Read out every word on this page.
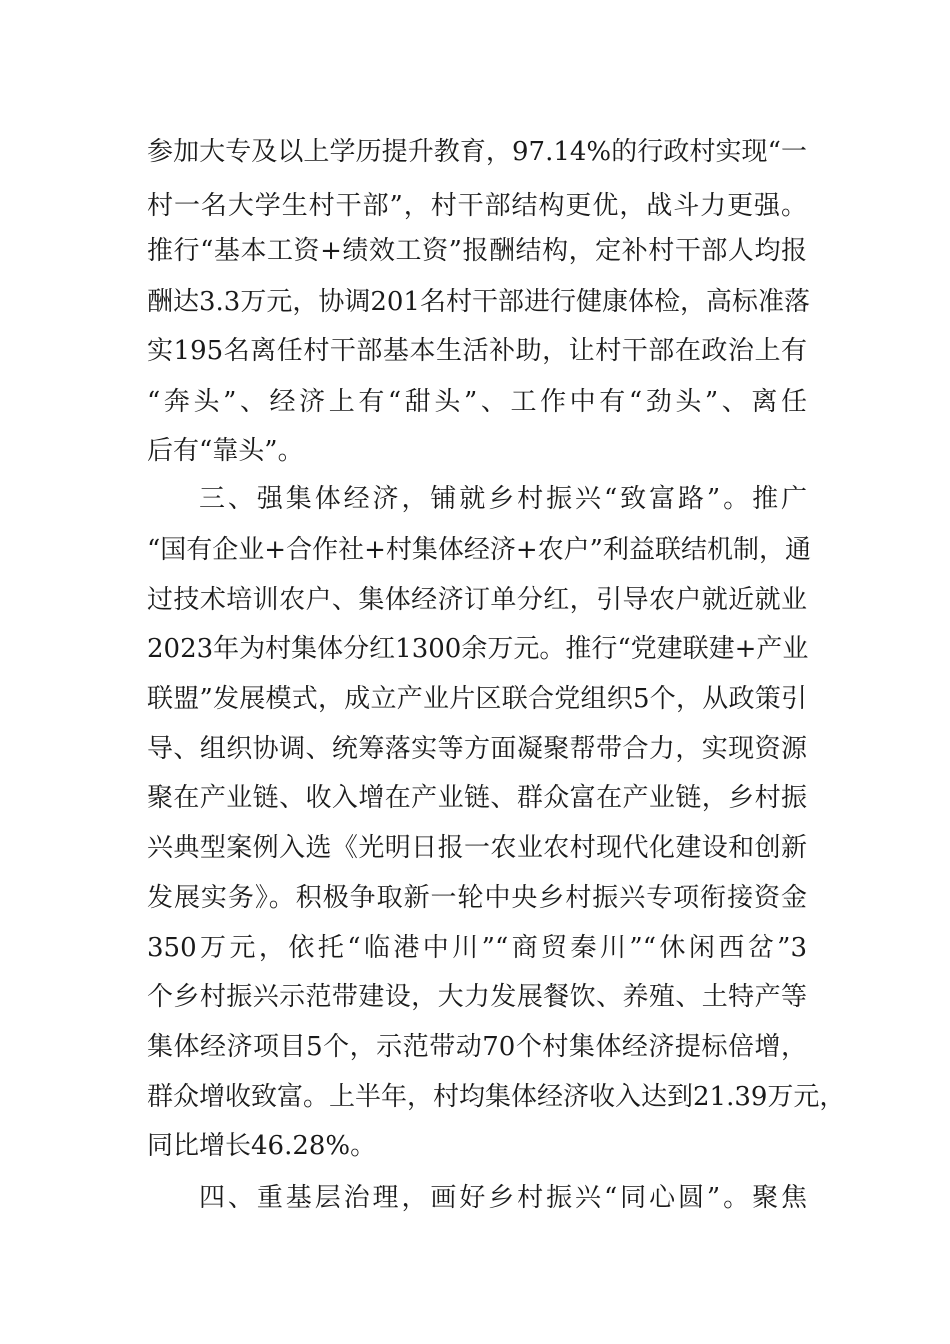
参加大专及以上学历提升教育，97.14%的行政村实现“一
村一名大学生村干部”，村干部结构更优，战斗力更强。
推行“基本工资+绩效工资”报酬结构，定补村干部人均报
酬达3.3万元，协调201名村干部进行健康体检，高标准落
实195名离任村干部基本生活补助，让村干部在政治上有
“奔头”、经济上有“甜头”、工作中有“劲头”、离任
后有“靠头”。
三、强集体经济，铺就乡村振兴“致富路”。推广
“国有企业+合作社+村集体经济+农户”利益联结机制，通
过技术培训农户、集体经济订单分红，引导农户就近就业
2023年为村集体分红1300余万元。推行“党建联建+产业
联盟”发展模式，成立产业片区联合党组织5个，从政策引
导、组织协调、统筹落实等方面凝聚帮带合力，实现资源
聚在产业链、收入增在产业链、群众富在产业链，乡村振
兴典型案例入选《光明日报一农业农村现代化建设和创新
发展实务》。积极争取新一轮中央乡村振兴专项衔接资金
350万元，依托“临港中川”“商贸秦川”“休闲西岔”3
个乡村振兴示范带建设，大力发展餐饮、养殖、土特产等
集体经济项目5个，示范带动70个村集体经济提标倍增，
群众增收致富。上半年，村均集体经济收入达到21.39万元，
同比增长46.28%。
四、重基层治理，画好乡村振兴“同心圆”。聚焦
